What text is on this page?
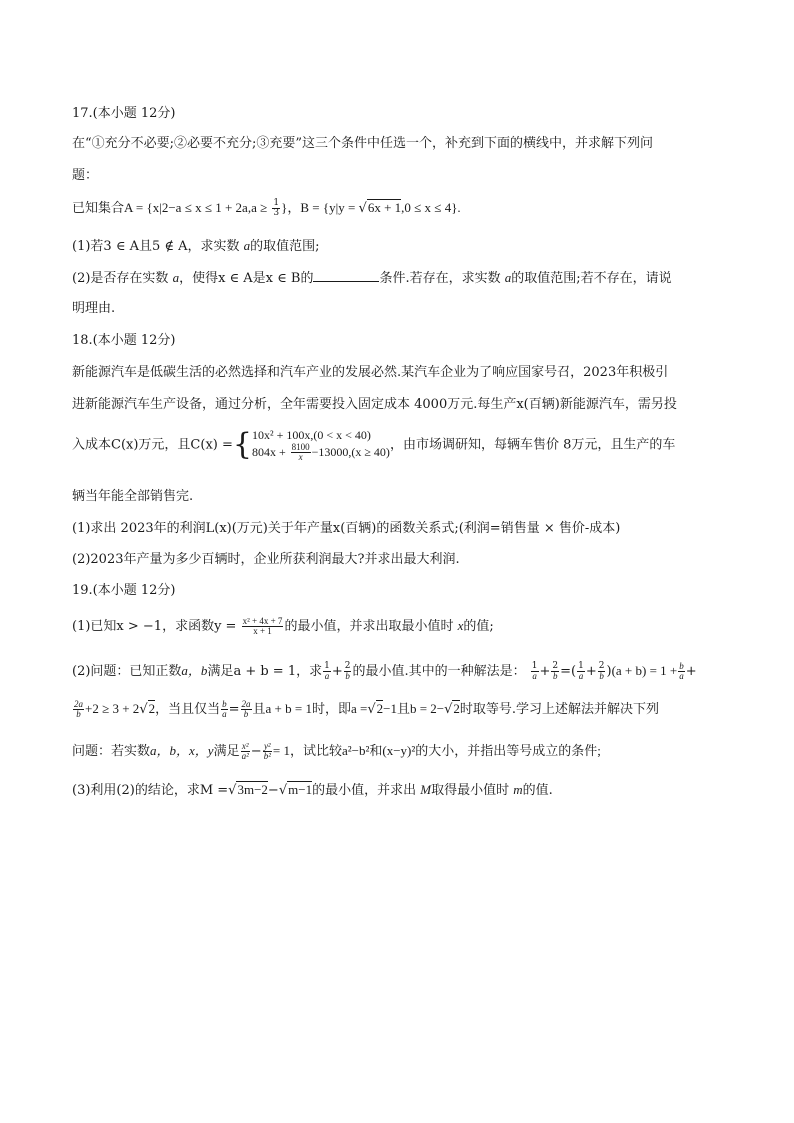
17.(本小题 12分)
在“①充分不必要;②必要不充分;③充要”这三个条件中任选一个，补充到下面的横线中，并求解下列问
题：
已知集合$A = \{x|2-a \le x \le 1 + 2a,a \ge \frac{1}{3}$ }，B = {y|y = √6x + 1,0 ≤ x ≤ 4}.
(1)若3 ∈ A且5 ∉ A，求实数 a的取值范围;
(2)是否存在实数 a，使得x ∈ A是x ∈ B的	条件.若存在，求实数 a的取值范围;若不存在，请说
明理由.
18.(本小题 12分)
新能源汽车是低碳生活的必然选择和汽车产业的发展必然.某汽车企业为了响应国家号召，2023年积极引
进新能源汽车生产设备，通过分析，全年需要投入固定成本 4000万元.每生产x(百辆)新能源汽车，需另投
入成本C(x)万元，且C(x) ={ 10x² + 100x,(0 < x < 40)
$804x + \frac{8100}{x} -13000,(x \ge 40)$ ，由市场调研知，每辆车售价 8万元，且生产的车
辆当年能全部销售完.
(1)求出 2023年的利润L(x)(万元)关于年产量x(百辆)的函数关系式;(利润=销售量 × 售价-成本)
(2)2023年产量为多少百辆时，企业所获利润最大?并求出最大利润.
19.(本小题 12分)
(1)已知x > −1，求函数$y = \frac{\text{x² + 4x + 7}}{x + 1}$ 的最小值，并求出取最小值时 x的值;
(2)问题：已知正数a，b满足a + b = 1，求 $\frac{1}{a} + \frac{2}{b}$ 的最小值.其中的一种解法是： $\frac{1}{a} + \frac{2}{b}$ =( $\frac{1}{a} + \frac{2}{b} )(a + b) = 1 + \frac{b}{a}$ +
$\frac{2a}{b} +2 \ge 3 + 2√2$，当且仅当 $\frac{b}{a} = \frac{2a}{b}$ 且a + b = 1时，即a =√2−1且b = 2−√2时取等号.学习上述解法并解决下列
问题：若实数a，b，x，y满足 $\frac{\text{x²}}{\text{a²}} - \frac{\text{y²}}{\text{b²}} = 1$，试比较a²−b²和(x−y)²的大小，并指出等号成立的条件;
(3)利用(2)的结论，求M =√3m−2−√m−1的最小值，并求出 M取得最小值时 m的值.
